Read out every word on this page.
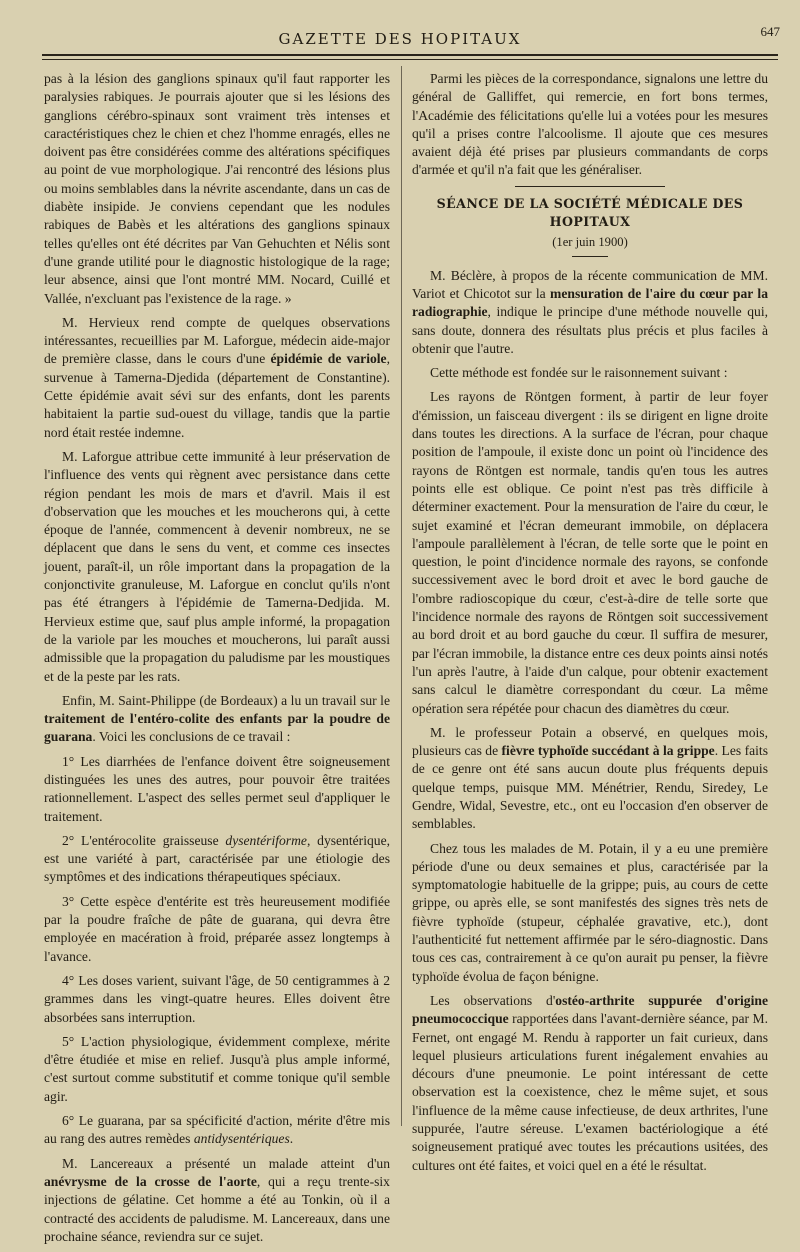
GAZETTE DES HOPITAUX	647

pas à la lésion des ganglions spinaux qu'il faut rapporter les paralysies rabiques. Je pourrais ajouter que si les lésions des ganglions cérébro-spinaux sont vraiment très intenses et caractéristiques chez le chien et chez l'homme enragés, elles ne doivent pas être considérées comme des altérations spécifiques au point de vue morphologique. J'ai rencontré des lésions plus ou moins semblables dans la névrite ascendante, dans un cas de diabète insipide. Je conviens cependant que les nodules rabiques de Babès et les altérations des ganglions spinaux telles qu'elles ont été décrites par Van Gehuchten et Nélis sont d'une grande utilité pour le diagnostic histologique de la rage; leur absence, ainsi que l'ont montré MM. Nocard, Cuillé et Vallée, n'excluant pas l'existence de la rage. »

M. Hervieux rend compte de quelques observations intéressantes, recueillies par M. Laforgue, médecin aide-major de première classe, dans le cours d'une épidémie de variole, survenue à Tamerna-Djedida (département de Constantine). Cette épidémie avait sévi sur des enfants, dont les parents habitaient la partie sud-ouest du village, tandis que la partie nord était restée indemne.

M. Laforgue attribue cette immunité à leur préservation de l'influence des vents qui règnent avec persistance dans cette région pendant les mois de mars et d'avril. Mais il est d'observation que les mouches et les moucherons qui, à cette époque de l'année, commencent à devenir nombreux, ne se déplacent que dans le sens du vent, et comme ces insectes jouent, paraît-il, un rôle important dans la propagation de la conjonctivite granuleuse, M. Laforgue en conclut qu'ils n'ont pas été étrangers à l'épidémie de Tamerna-Dedjida. M. Hervieux estime que, sauf plus ample informé, la propagation de la variole par les mouches et moucherons, lui paraît aussi admissible que la propagation du paludisme par les moustiques et de la peste par les rats.

Enfin, M. Saint-Philippe (de Bordeaux) a lu un travail sur le traitement de l'entéro-colite des enfants par la poudre de guarana. Voici les conclusions de ce travail :

1° Les diarrhées de l'enfance doivent être soigneusement distinguées les unes des autres, pour pouvoir être traitées rationnellement. L'aspect des selles permet seul d'appliquer le traitement.

2° L'entérocolite graisseuse dysentériforme, dysentérique, est une variété à part, caractérisée par une étiologie des symptômes et des indications thérapeutiques spéciaux.

3° Cette espèce d'entérite est très heureusement modifiée par la poudre fraîche de pâte de guarana, qui devra être employée en macération à froid, préparée assez longtemps à l'avance.

4° Les doses varient, suivant l'âge, de 50 centigrammes à 2 grammes dans les vingt-quatre heures. Elles doivent être absorbées sans interruption.

5° L'action physiologique, évidemment complexe, mérite d'être étudiée et mise en relief. Jusqu'à plus ample informé, c'est surtout comme substitutif et comme tonique qu'il semble agir.

6° Le guarana, par sa spécificité d'action, mérite d'être mis au rang des autres remèdes antidysentériques.

M. Lancereaux a présenté un malade atteint d'un anévrysme de la crosse de l'aorte, qui a reçu trente-six injections de gélatine. Cet homme a été au Tonkin, où il a contracté des accidents de paludisme. M. Lancereaux, dans une prochaine séance, reviendra sur ce sujet.

Parmi les pièces de la correspondance, signalons une lettre du général de Galliffet, qui remercie, en fort bons termes, l'Académie des félicitations qu'elle lui a votées pour les mesures qu'il a prises contre l'alcoolisme. Il ajoute que ces mesures avaient déjà été prises par plusieurs commandants de corps d'armée et qu'il n'a fait que les généraliser.

SÉANCE DE LA SOCIÉTÉ MÉDICALE DES HOPITAUX
(1er juin 1900)

M. Béclère, à propos de la récente communication de MM. Variot et Chicotot sur la mensuration de l'aire du cœur par la radiographie, indique le principe d'une méthode nouvelle qui, sans doute, donnera des résultats plus précis et plus faciles à obtenir que l'autre.

Cette méthode est fondée sur le raisonnement suivant :

Les rayons de Röntgen forment, à partir de leur foyer d'émission, un faisceau divergent : ils se dirigent en ligne droite dans toutes les directions. A la surface de l'écran, pour chaque position de l'ampoule, il existe donc un point où l'incidence des rayons de Röntgen est normale, tandis qu'en tous les autres points elle est oblique. Ce point n'est pas très difficile à déterminer exactement. Pour la mensuration de l'aire du cœur, le sujet examiné et l'écran demeurant immobile, on déplacera l'ampoule parallèlement à l'écran, de telle sorte que le point en question, le point d'incidence normale des rayons, se confonde successivement avec le bord droit et avec le bord gauche de l'ombre radioscopique du cœur, c'est-à-dire de telle sorte que l'incidence normale des rayons de Röntgen soit successivement au bord droit et au bord gauche du cœur. Il suffira de mesurer, par l'écran immobile, la distance entre ces deux points ainsi notés l'un après l'autre, à l'aide d'un calque, pour obtenir exactement sans calcul le diamètre correspondant du cœur. La même opération sera répétée pour chacun des diamètres du cœur.

M. le professeur Potain a observé, en quelques mois, plusieurs cas de fièvre typhoïde succédant à la grippe. Les faits de ce genre ont été sans aucun doute plus fréquents depuis quelque temps, puisque MM. Ménétrier, Rendu, Siredey, Le Gendre, Widal, Sevestre, etc., ont eu l'occasion d'en observer de semblables.

Chez tous les malades de M. Potain, il y a eu une première période d'une ou deux semaines et plus, caractérisée par la symptomatologie habituelle de la grippe; puis, au cours de cette grippe, ou après elle, se sont manifestés des signes très nets de fièvre typhoïde (stupeur, céphalée gravative, etc.), dont l'authenticité fut nettement affirmée par le séro-diagnostic. Dans tous ces cas, contrairement à ce qu'on aurait pu penser, la fièvre typhoïde évolua de façon bénigne.

Les observations d'ostéo-arthrite suppurée d'origine pneumococcique rapportées dans l'avant-dernière séance, par M. Fernet, ont engagé M. Rendu à rapporter un fait curieux, dans lequel plusieurs articulations furent inégalement envahies au décours d'une pneumonie. Le point intéressant de cette observation est la coexistence, chez le même sujet, et sous l'influence de la même cause infectieuse, de deux arthrites, l'une suppurée, l'autre séreuse. L'examen bactériologique a été soigneusement pratiqué avec toutes les précautions usitées, des cultures ont été faites, et voici quel en a été le résultat.
